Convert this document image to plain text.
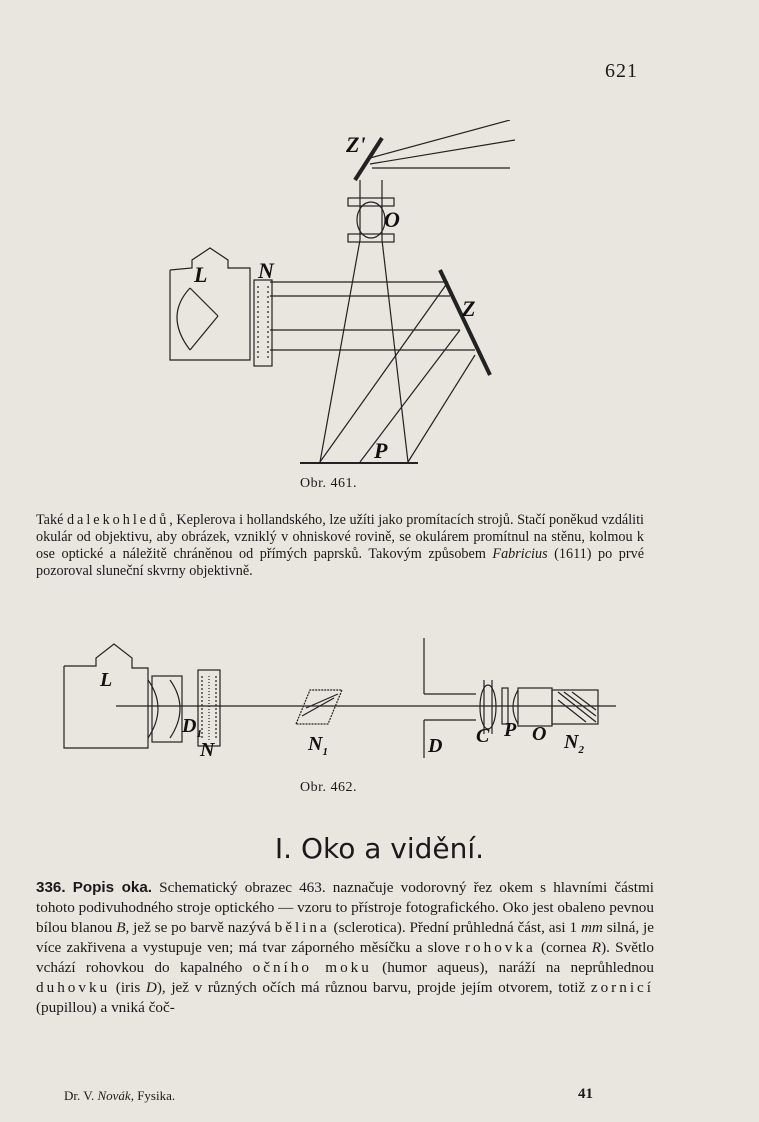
621
Z'
O
L N
Z
P
Obr. 461.

Také dalekohledů, Keplerova i hollandského, lze užíti jako promítacích strojů. Stačí poněkud vzdáliti okulár od objektivu, aby obrázek, vzniklý v ohniskové rovině, se okulárem promítnul na stěnu, kolmou k ose optické a náležitě chráněnou od přímých paprsků. Takovým způsobem Fabricius (1611) po prvé pozoroval sluneční skvrny objektivně.

L
$D_1$
N	$N_1$	D C P O $N_2$
Obr. 462.
I. Oko a vidění.

336. Popis oka. Schematický obrazec 463. naznačuje vodorovný řez okem s hlavními částmi tohoto podivuhodného stroje optického — vzoru to přístroje fotografického. Oko jest obaleno pevnou bílou blanou B, jež se po barvě nazývá bělina (sclerotica). Přední průhledná část, asi 1 mm silná, je více zakřivena a vystupuje ven; má tvar záporného měsíčku a slove rohovka (cornea R). Světlo vchází rohovkou do kapalného očního moku (humor aqueus), naráží na neprůhlednou duhovku (iris D), jež v různých očích má různou barvu, projde jejím otvorem, totiž zornicí (pupillou) a vniká čoč-

Dr. V. Novák, Fysika.	41
